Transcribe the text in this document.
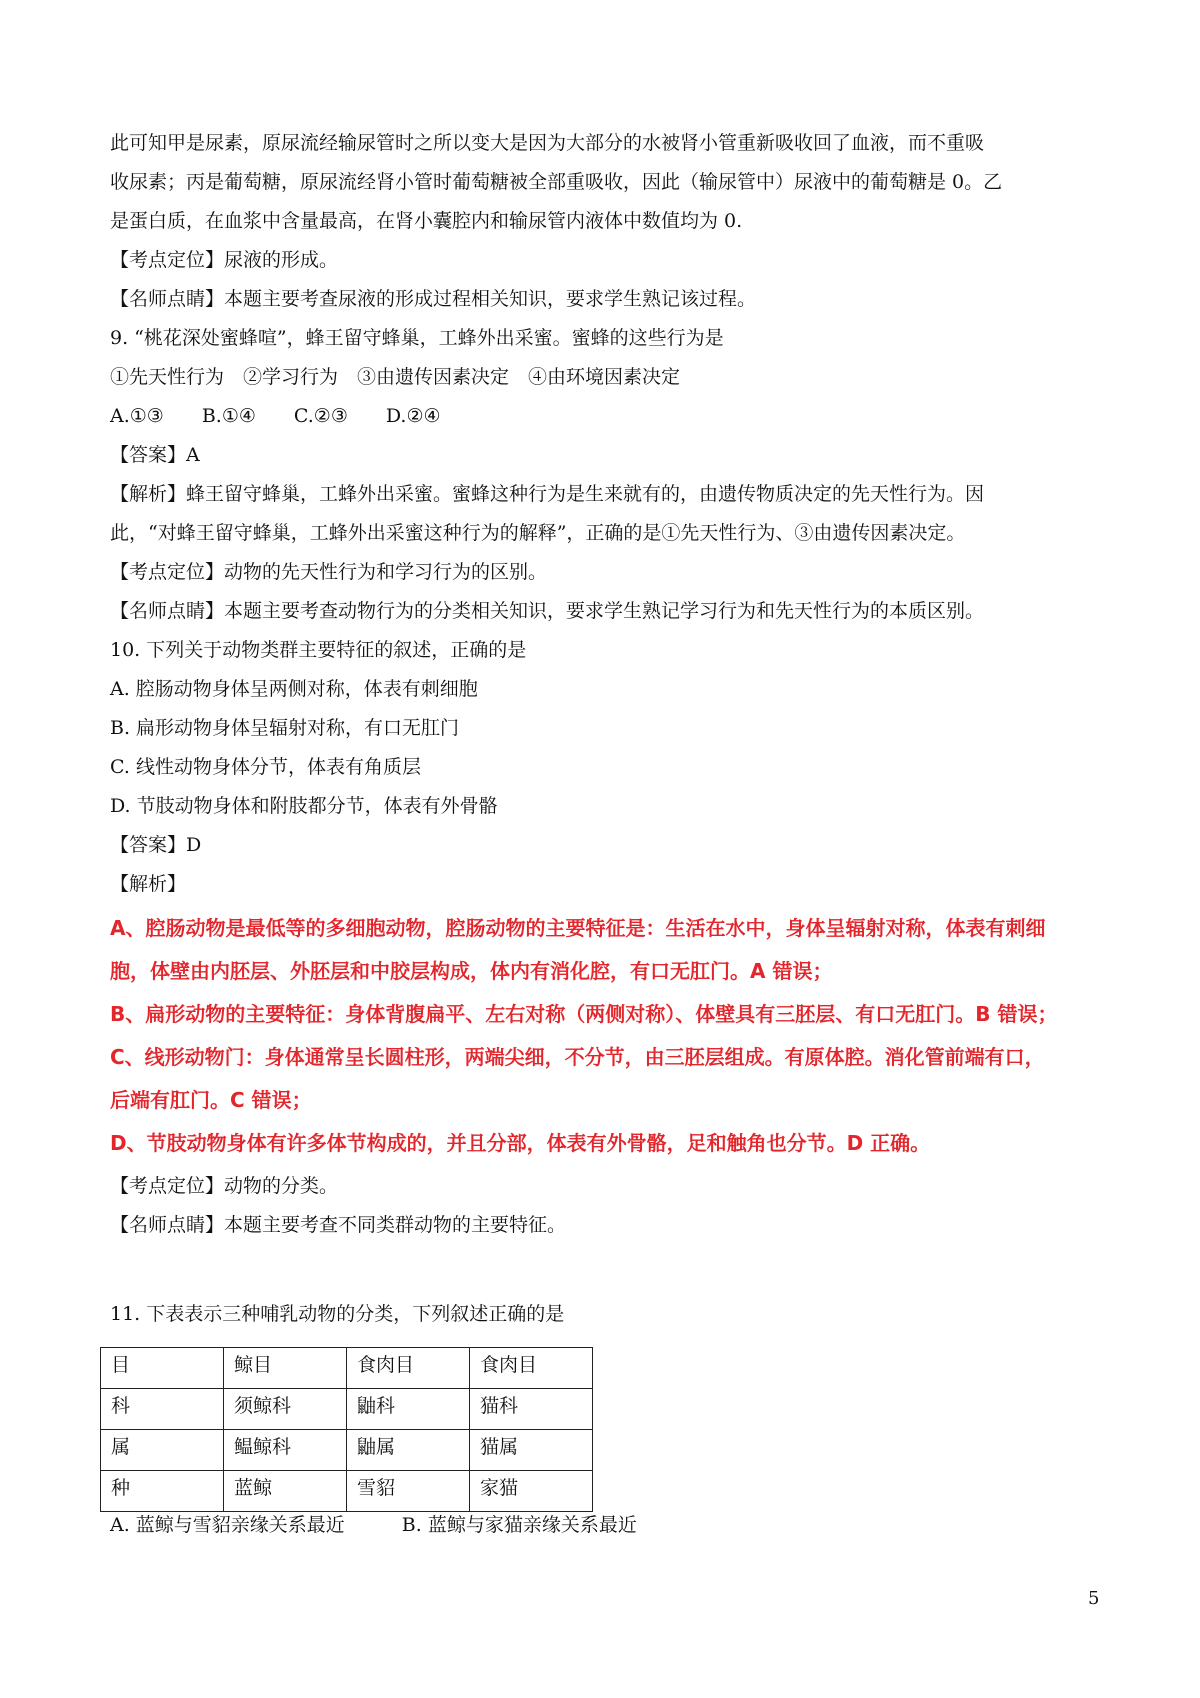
此可知甲是尿素，原尿流经输尿管时之所以变大是因为大部分的水被肾小管重新吸收回了血液，而不重吸
收尿素；丙是葡萄糖，原尿流经肾小管时葡萄糖被全部重吸收，因此（输尿管中）尿液中的葡萄糖是 0。乙
是蛋白质，在血浆中含量最高，在肾小囊腔内和输尿管内液体中数值均为 0.
【考点定位】尿液的形成。
【名师点睛】本题主要考查尿液的形成过程相关知识，要求学生熟记该过程。
9. “桃花深处蜜蜂喧”，蜂王留守蜂巢，工蜂外出采蜜。蜜蜂的这些行为是
①先天性行为　②学习行为　③由遗传因素决定　④由环境因素决定
A.①③　　B.①④　　C.②③　　D.②④
【答案】A
【解析】蜂王留守蜂巢，工蜂外出采蜜。蜜蜂这种行为是生来就有的，由遗传物质决定的先天性行为。因
此，“对蜂王留守蜂巢，工蜂外出采蜜这种行为的解释”，正确的是①先天性行为、③由遗传因素决定。
【考点定位】动物的先天性行为和学习行为的区别。
【名师点睛】本题主要考查动物行为的分类相关知识，要求学生熟记学习行为和先天性行为的本质区别。
10. 下列关于动物类群主要特征的叙述，正确的是
A. 腔肠动物身体呈两侧对称，体表有刺细胞
B. 扁形动物身体呈辐射对称，有口无肛门
C. 线性动物身体分节，体表有角质层
D. 节肢动物身体和附肢都分节，体表有外骨骼
【答案】D
【解析】
A、腔肠动物是最低等的多细胞动物，腔肠动物的主要特征是：生活在水中，身体呈辐射对称，体表有刺细
胞，体壁由内胚层、外胚层和中胶层构成，体内有消化腔，有口无肛门。A 错误；
B、扁形动物的主要特征：身体背腹扁平、左右对称（两侧对称）、体壁具有三胚层、有口无肛门。B 错误；
C、线形动物门：身体通常呈长圆柱形，两端尖细，不分节，由三胚层组成。有原体腔。消化管前端有口，
后端有肛门。C 错误；
D、节肢动物身体有许多体节构成的，并且分部，体表有外骨骼，足和触角也分节。D 正确。
【考点定位】动物的分类。
【名师点睛】本题主要考查不同类群动物的主要特征。
11. 下表表示三种哺乳动物的分类，下列叙述正确的是
目	鲸目	食肉目	食肉目
科	须鲸科	鼬科	猫科
属	鳁鲸科	鼬属	猫属
种	蓝鲸	雪貂	家猫
A. 蓝鲸与雪貂亲缘关系最近　　　B. 蓝鲸与家猫亲缘关系最近
5
